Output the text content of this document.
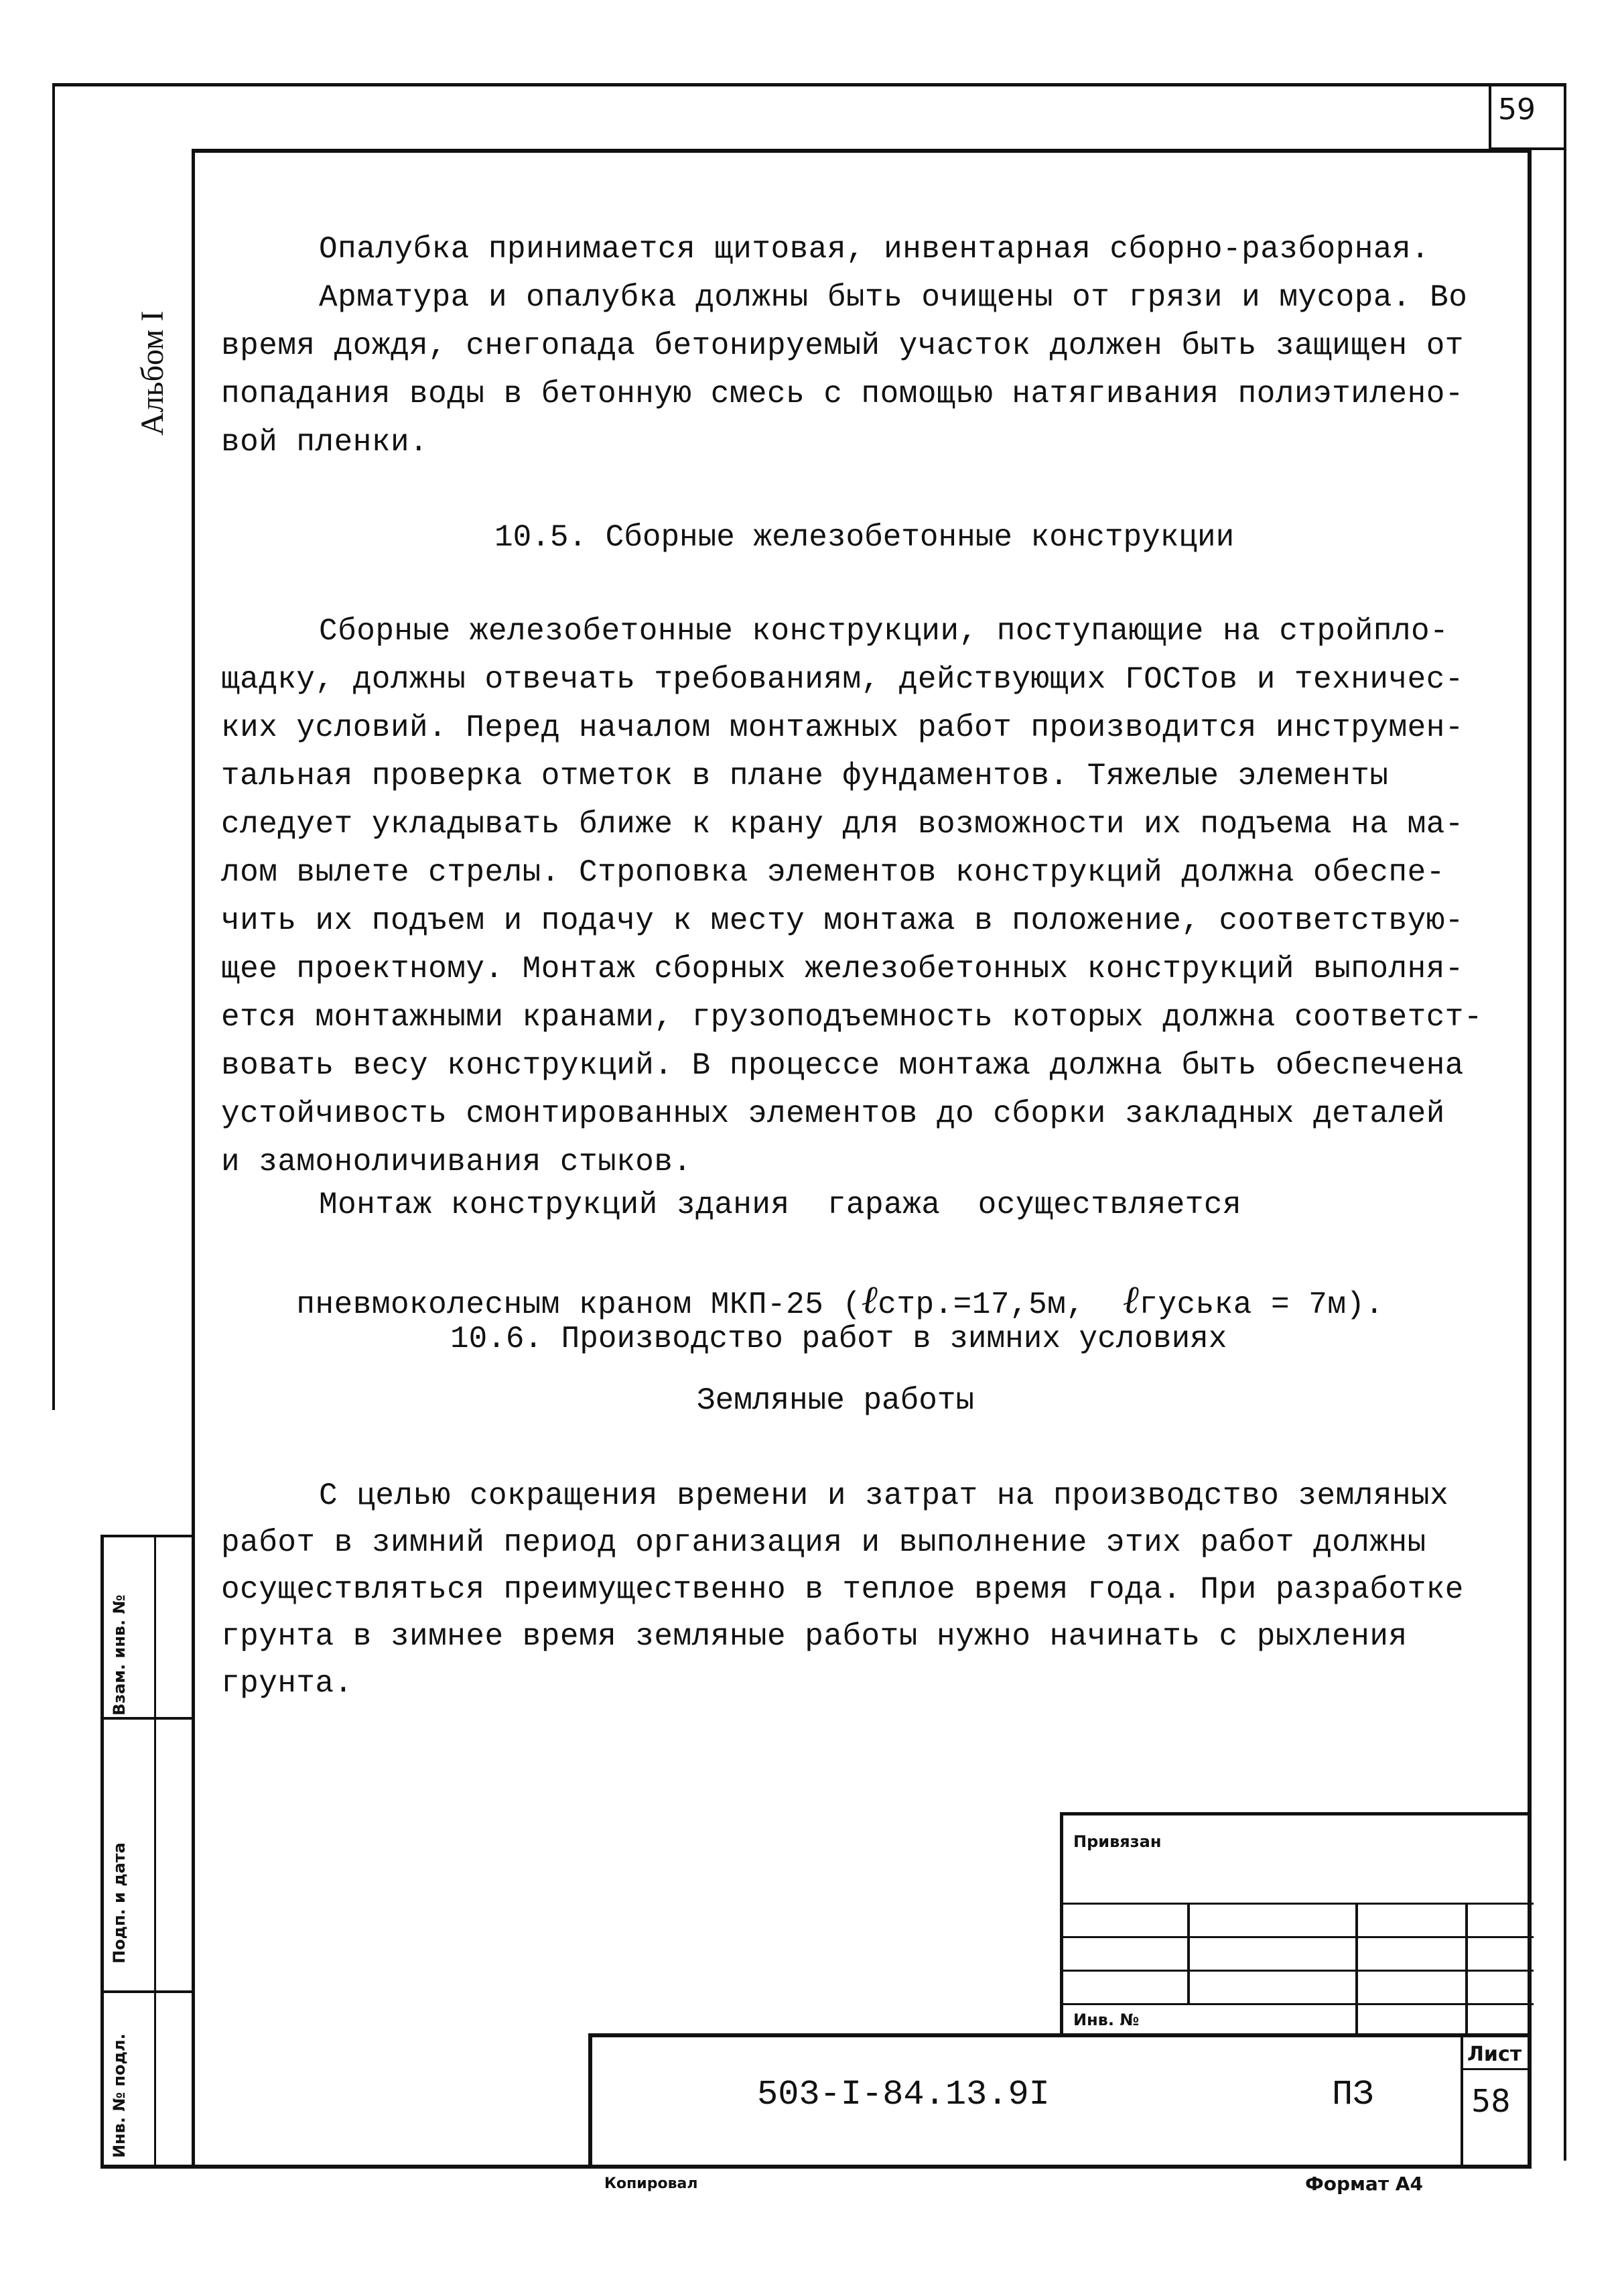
59
Альбом I
Взам. инв. №
Подп. и дата
Инв. № подл.
Опалубка принимается щитовая, инвентарная сборно-разборная.
Арматура и опалубка должны быть очищены от грязи и мусора. Во
время дождя, снегопада бетонируемый участок должен быть защищен от
попадания воды в бетонную смесь с помощью натягивания полиэтилено-
вой пленки.
10.5. Сборные железобетонные конструкции
Сборные железобетонные конструкции, поступающие на стройпло-
щадку, должны отвечать требованиям, действующих ГОСТов и техничес-
ких условий. Перед началом монтажных работ производится инструмен-
тальная проверка отметок в плане фундаментов. Тяжелые элементы
следует укладывать ближе к крану для возможности их подъема на ма-
лом вылете стрелы. Строповка элементов конструкций должна обеспе-
чить их подъем и подачу к месту монтажа в положение, соответствую-
щее проектному. Монтаж сборных железобетонных конструкций выполня-
ется монтажными кранами, грузоподъемность которых должна соответст-
вовать весу конструкций. В процессе монтажа должна быть обеспечена
устойчивость смонтированных элементов до сборки закладных деталей
и замоноличивания стыков.
Монтаж конструкций здания  гаража  осуществляется

пневмоколесным краном МКП-25 (ℓстр.=17,5м, ℓгуська = 7м).

10.6. Производство работ в зимних условиях
Земляные работы
С целью сокращения времени и затрат на производство земляных
работ в зимний период организация и выполнение этих работ должны
осуществляться преимущественно в теплое время года. При разработке
грунта в зимнее время земляные работы нужно начинать с рыхления
грунта.
Привязан
Инв. №
Лист
58
503-I-84.13.9I	ПЗ
Копировал	Формат А4
